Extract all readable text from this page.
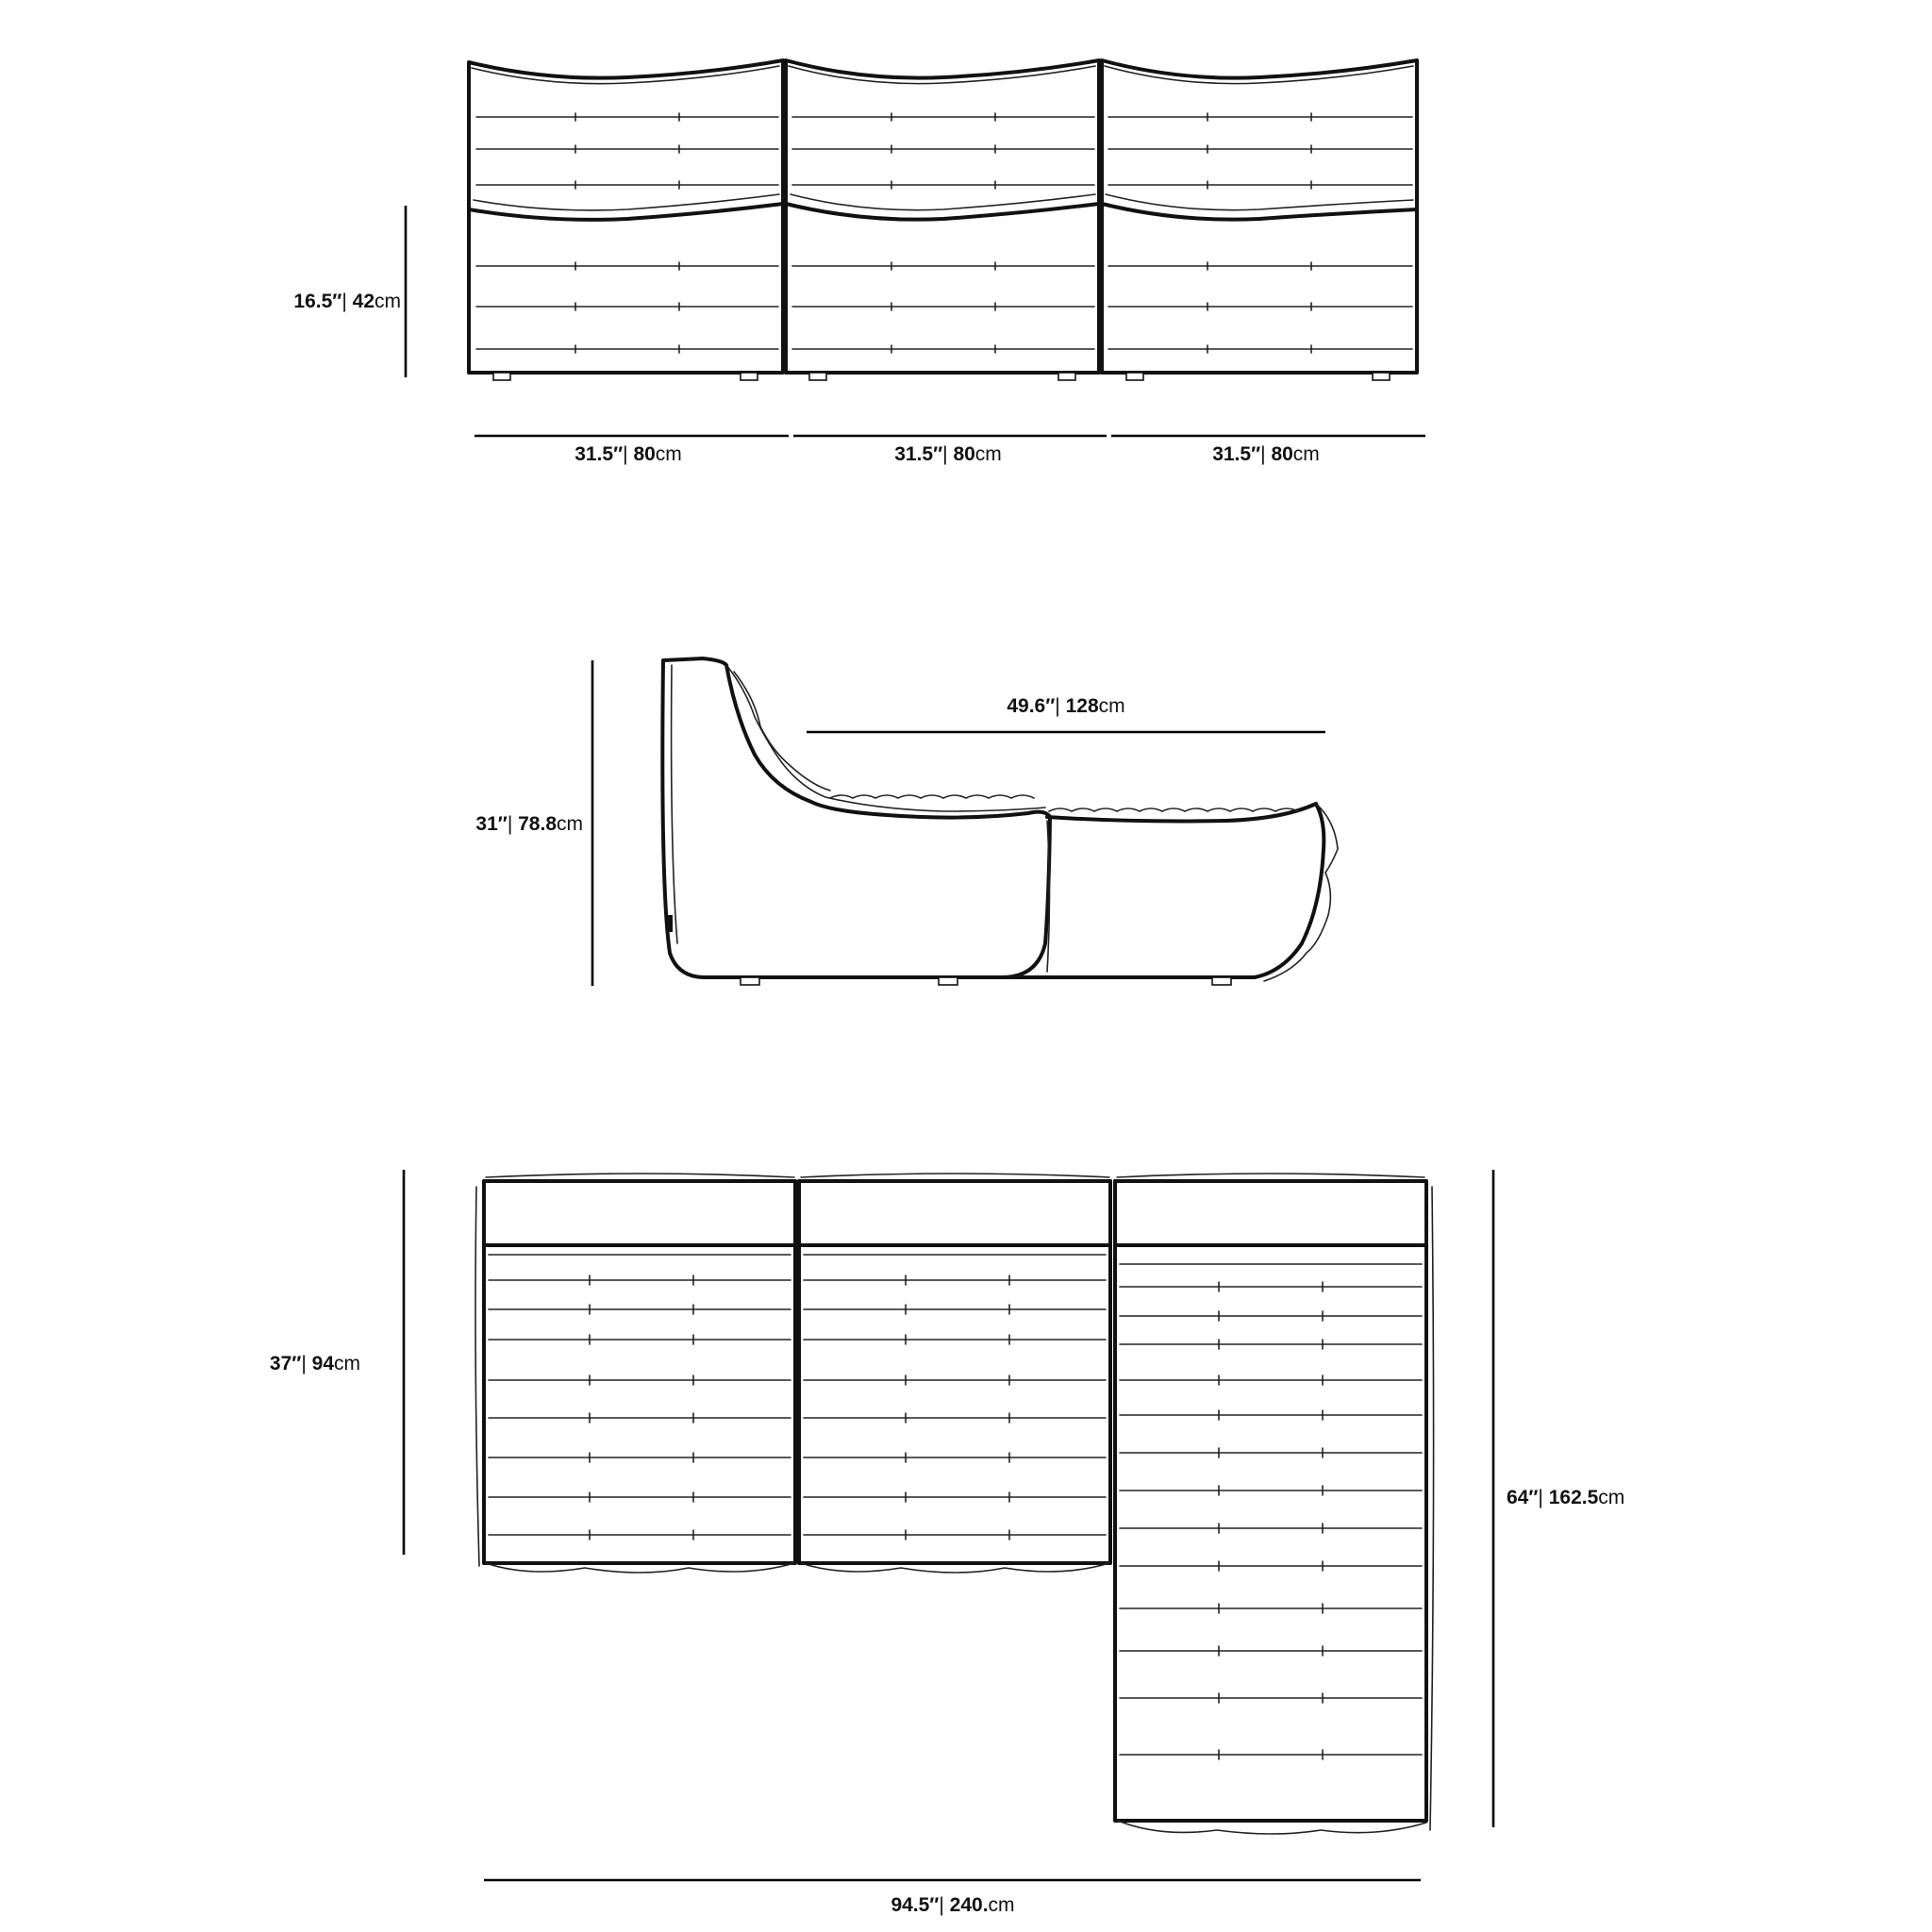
16.5″| 42cm
31.5″| 80cm	31.5″| 80cm	31.5″| 80cm
31″| 78.8cm
49.6″| 128cm
37″| 94cm
64″| 162.5cm
94.5″| 240.cm
